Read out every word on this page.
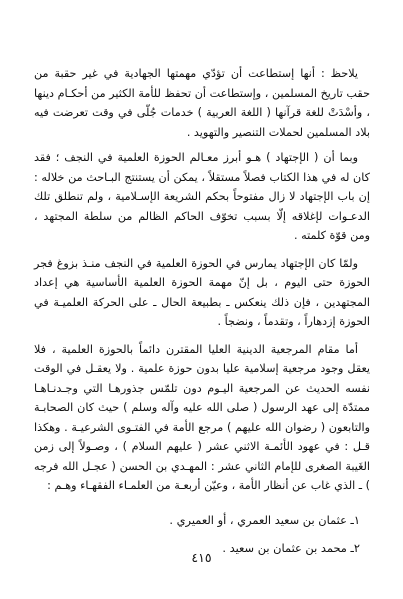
يلاحظ : أنها إستطاعت أن تؤدّي مهمتها الجهادية في غير حقبة من حقب تاريخ المسلمين ، وإستطاعت أن تحفظ للأمة الكثير من أحكـام دينها ، وأسْدَتْ للغة قرآنها ( اللغة العربية ) خدمات جُلّى في وقت تعرضت فيه بلاد المسلمين لحملات التنصير والتهويد .

وبما أن ( الإجتهاد ) هـو أبرز معـالم الحوزة العلمية في النجف ؛ فقد كان له في هذا الكتاب فصلاً مستقلاً ، يمكن أن يستنتج البـاحث من خلاله : إن باب الإجتهاد لا زال مفتوحاً بحكم الشريعة الإسـلامية ، ولم تنطلق تلك الدعـوات لإغلاقه إلّا بسبب تخوّف الحاكم الظالم من سلطة المجتهد ، ومن قوّة كلمته .

ولمّا كان الإجتهاد يمارس في الحوزة العلمية في النجف منـذ بزوغ فجر الحوزة حتى اليوم ، بل إنّ مهمة الحوزة العلمية الأساسية هي إعداد المجتهدين ، فإن ذلك ينعكس ـ بطبيعة الحال ـ على الحركة العلميـة في الحوزة إزدهاراً ، وتقدماً ، ونضجاً .

أما مقام المرجعية الدينية العليا المقترن دائماً بالحوزة العلمية ، فلا يعقل وجود مرجعية إسلامية عليا بدون حوزة علمية . ولا يعقـل في الوقت نفسه الحديث عن المرجعية اليـوم دون تلمّس جذورهـا التي وجـدنـاهـا ممتدّة إلى عهد الرسول ( صلى الله عليه وآله وسلم ) حيث كان الصحابـة والتابعون ( رضوان الله عليهم ) مرجع الأمة في الفتـوى الشرعيـة . وهكذا قـل : في عهود الأئمـة الاثني عشر ( عليهم السلام ) ، وصـولاً إلى زمن الغَيبة الصغرى للإمام الثاني عشر : المهـدي بن الحسن ( عجـل الله فرجه ) ـ الذي غاب عن أنظار الأمة ، وعيّن أربعـة من العلمـاء الفقهـاء وهـم :

١ـ عثمان بن سعيد العمري ، أو العميري .

٢ـ محمد بن عثمان بن سعيد .

٤١٥
